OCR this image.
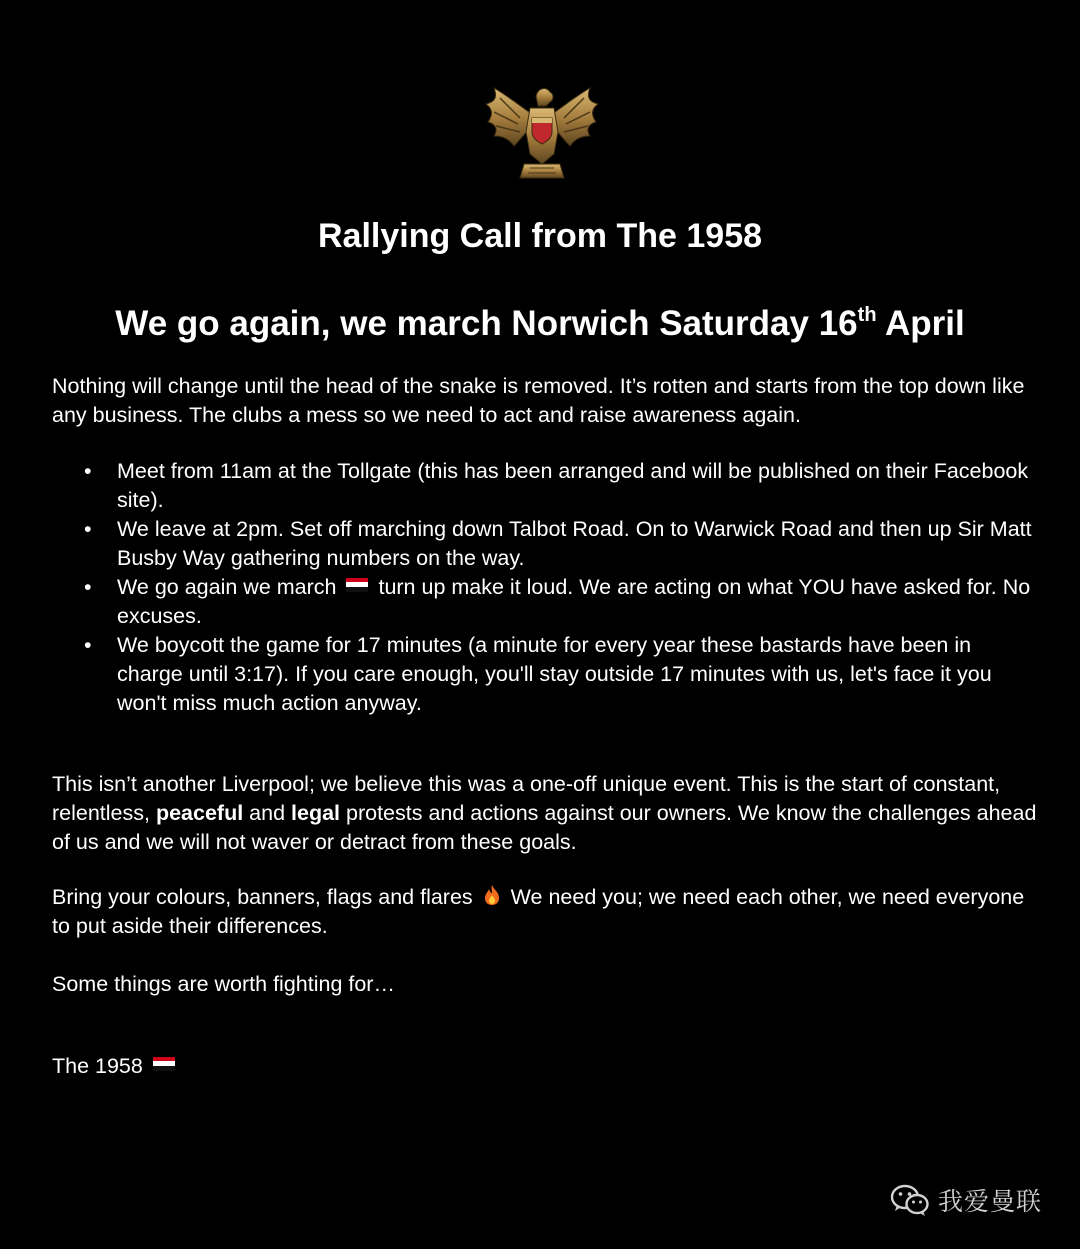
Rallying Call from The 1958
We go again, we march Norwich Saturday 16th April

Nothing will change until the head of the snake is removed. It’s rotten and starts from the top down like any business. The clubs a mess so we need to act and raise awareness again.

• Meet from 11am at the Tollgate (this has been arranged and will be published on their Facebook site).
• We leave at 2pm. Set off marching down Talbot Road. On to Warwick Road and then up Sir Matt Busby Way gathering numbers on the way.
• We go again we march turn up make it loud. We are acting on what YOU have asked for. No excuses.
• We boycott the game for 17 minutes (a minute for every year these bastards have been in charge until 3:17). If you care enough, you'll stay outside 17 minutes with us, let's face it you won't miss much action anyway.

This isn’t another Liverpool; we believe this was a one-off unique event. This is the start of constant, relentless, peaceful and legal protests and actions against our owners. We know the challenges ahead of us and we will not waver or detract from these goals.

Bring your colours, banners, flags and flares We need you; we need each other, we need everyone to put aside their differences.

Some things are worth fighting for…

The 1958

我爱曼联
